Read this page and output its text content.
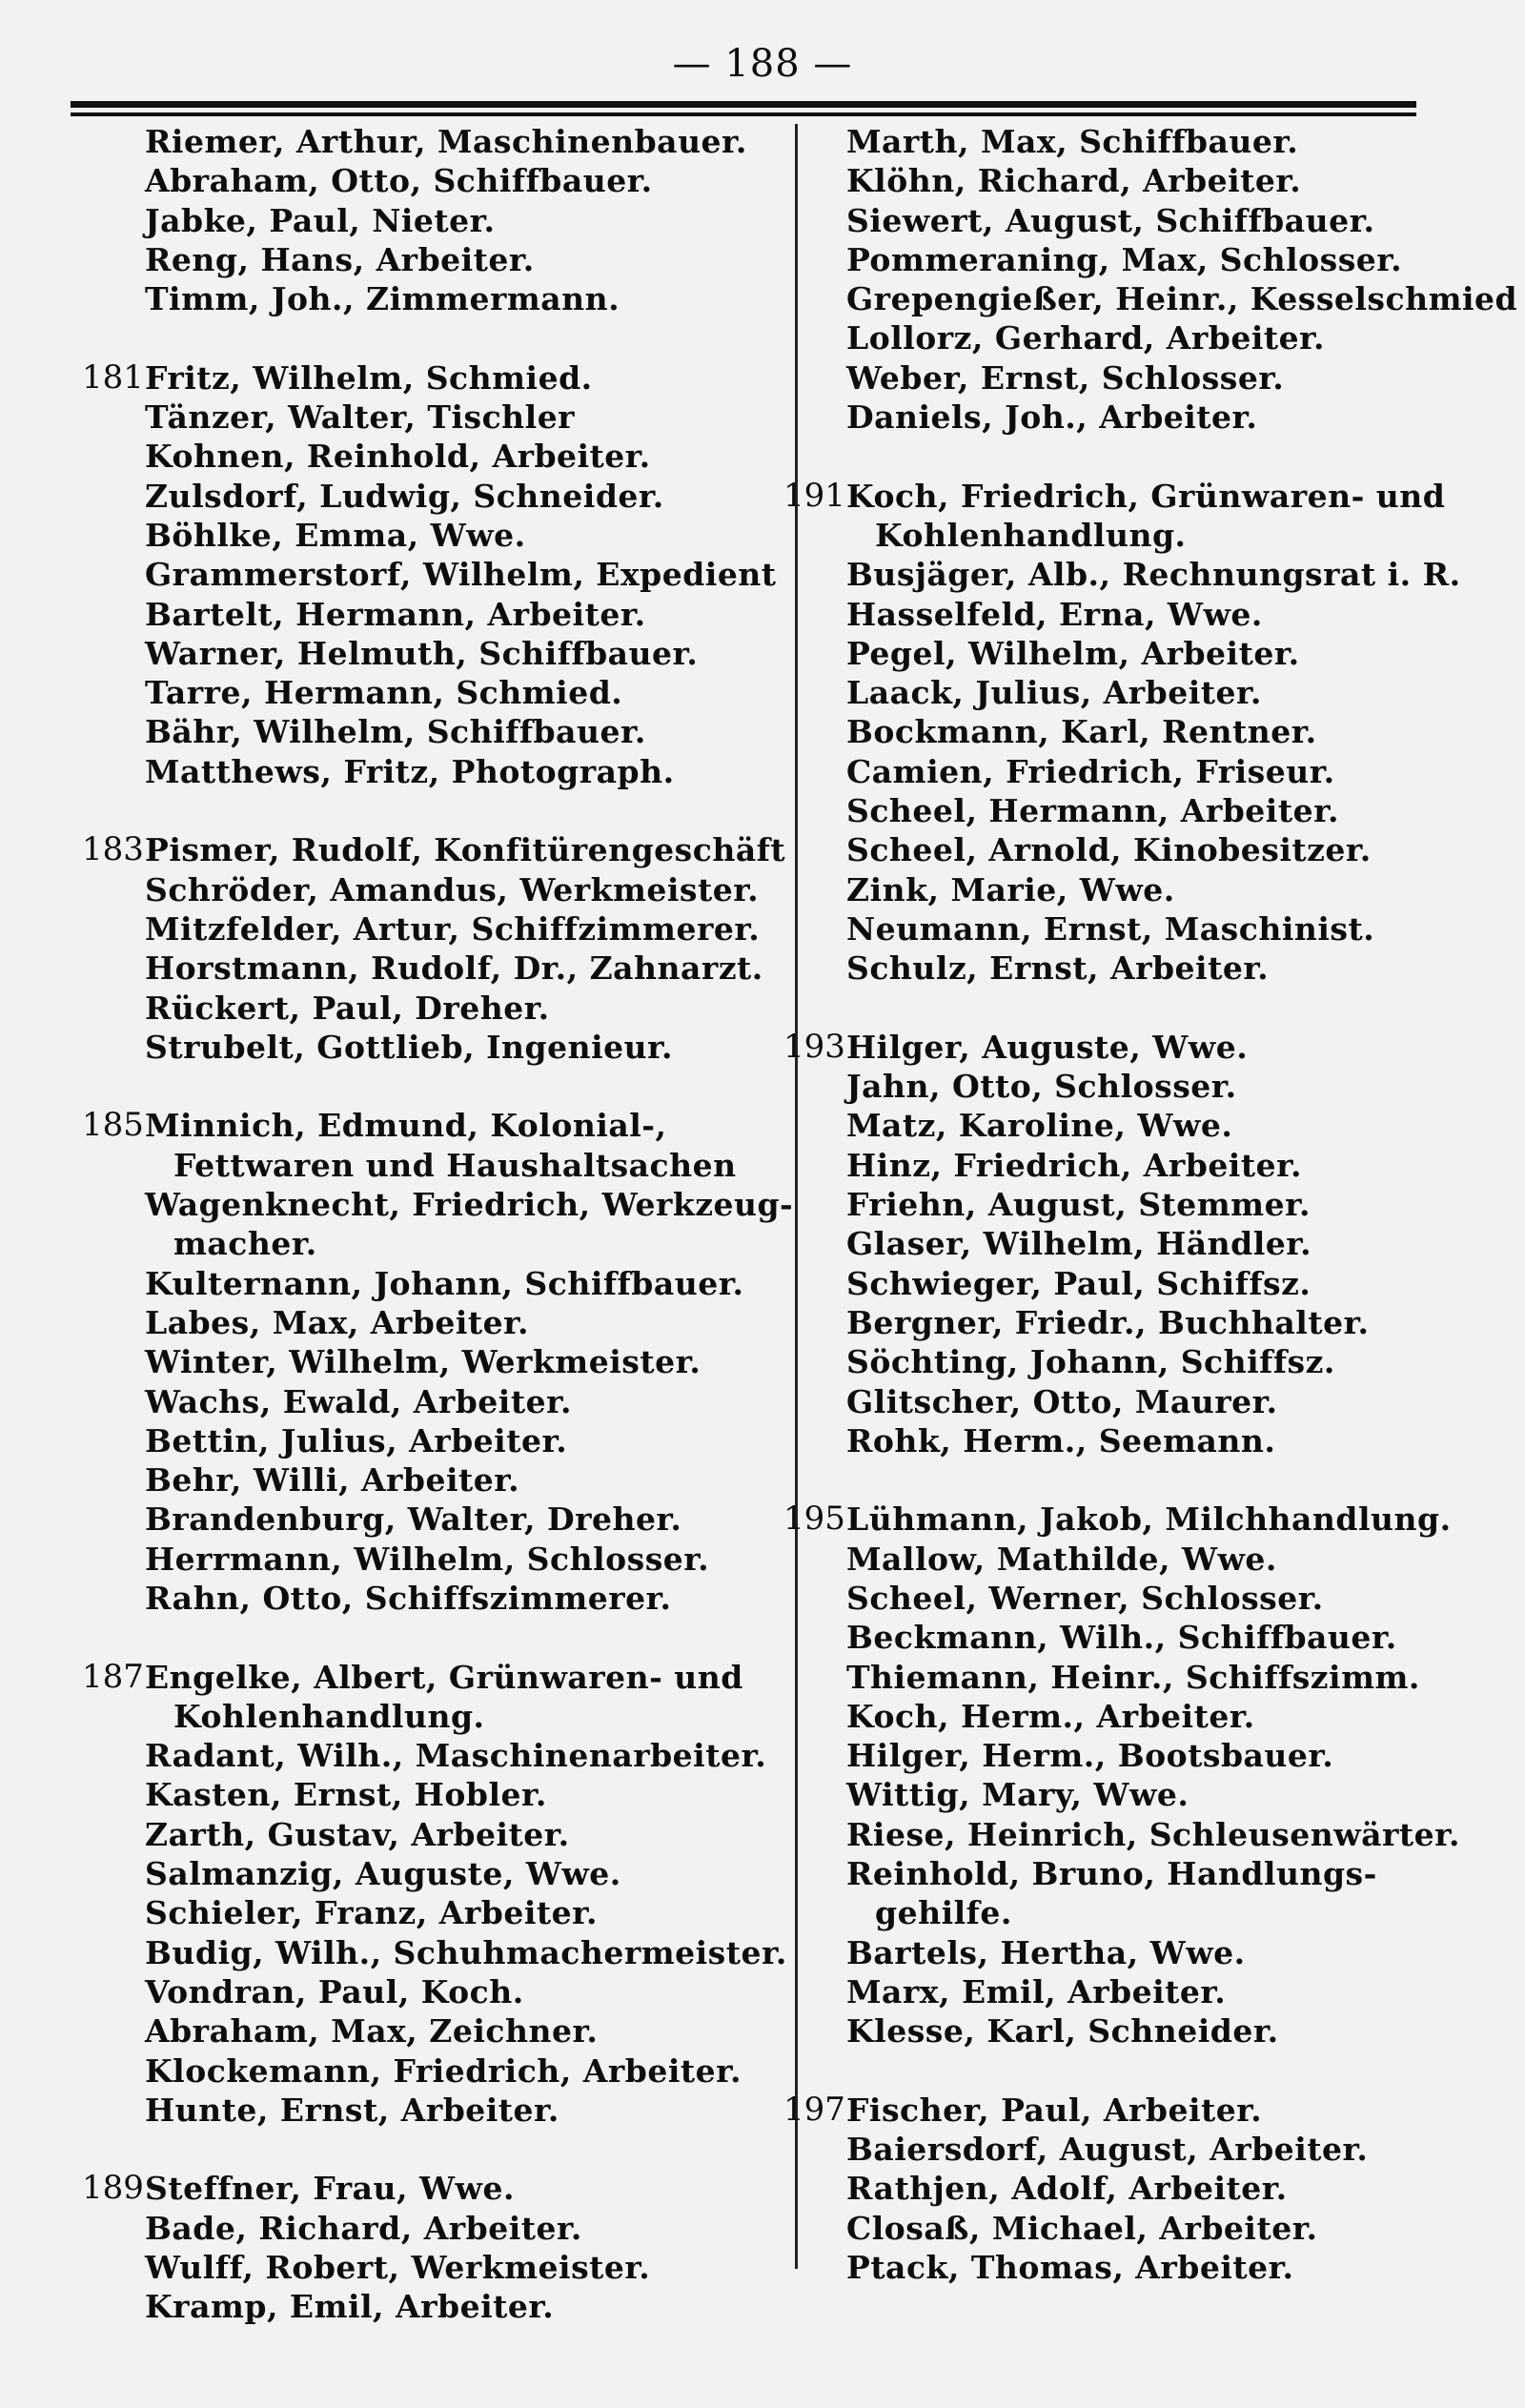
— 188 —
Riemer, Arthur, Maschinenbauer.
Abraham, Otto, Schiffbauer.
Jabke, Paul, Nieter.
Reng, Hans, Arbeiter.
Timm, Joh., Zimmermann.
181 Fritz, Wilhelm, Schmied.
Tänzer, Walter, Tischler
Kohnen, Reinhold, Arbeiter.
Zulsdorf, Ludwig, Schneider.
Böhlke, Emma, Wwe.
Grammerstorf, Wilhelm, Expedient
Bartelt, Hermann, Arbeiter.
Warner, Helmuth, Schiffbauer.
Tarre, Hermann, Schmied.
Bähr, Wilhelm, Schiffbauer.
Matthews, Fritz, Photograph.
183 Pismer, Rudolf, Konfitürengeschäft
Schröder, Amandus, Werkmeister.
Mitzfelder, Artur, Schiffzimmerer.
Horstmann, Rudolf, Dr., Zahnarzt.
Rückert, Paul, Dreher.
Strubelt, Gottlieb, Ingenieur.
185 Minnich, Edmund, Kolonial-,
Fettwaren und Haushaltsachen
Wagenknecht, Friedrich, Werkzeug-
macher.
Kulternann, Johann, Schiffbauer.
Labes, Max, Arbeiter.
Winter, Wilhelm, Werkmeister.
Wachs, Ewald, Arbeiter.
Bettin, Julius, Arbeiter.
Behr, Willi, Arbeiter.
Brandenburg, Walter, Dreher.
Herrmann, Wilhelm, Schlosser.
Rahn, Otto, Schiffszimmerer.
187 Engelke, Albert, Grünwaren- und
Kohlenhandlung.
Radant, Wilh., Maschinenarbeiter.
Kasten, Ernst, Hobler.
Zarth, Gustav, Arbeiter.
Salmanzig, Auguste, Wwe.
Schieler, Franz, Arbeiter.
Budig, Wilh., Schuhmachermeister.
Vondran, Paul, Koch.
Abraham, Max, Zeichner.
Klockemann, Friedrich, Arbeiter.
Hunte, Ernst, Arbeiter.
189 Steffner, Frau, Wwe.
Bade, Richard, Arbeiter.
Wulff, Robert, Werkmeister.
Kramp, Emil, Arbeiter.
Marth, Max, Schiffbauer.
Klöhn, Richard, Arbeiter.
Siewert, August, Schiffbauer.
Pommeraning, Max, Schlosser.
Grepengießer, Heinr., Kesselschmied
Lollorz, Gerhard, Arbeiter.
Weber, Ernst, Schlosser.
Daniels, Joh., Arbeiter.
191 Koch, Friedrich, Grünwaren- und
Kohlenhandlung.
Busjäger, Alb., Rechnungsrat i. R.
Hasselfeld, Erna, Wwe.
Pegel, Wilhelm, Arbeiter.
Laack, Julius, Arbeiter.
Bockmann, Karl, Rentner.
Camien, Friedrich, Friseur.
Scheel, Hermann, Arbeiter.
Scheel, Arnold, Kinobesitzer.
Zink, Marie, Wwe.
Neumann, Ernst, Maschinist.
Schulz, Ernst, Arbeiter.
193 Hilger, Auguste, Wwe.
Jahn, Otto, Schlosser.
Matz, Karoline, Wwe.
Hinz, Friedrich, Arbeiter.
Friehn, August, Stemmer.
Glaser, Wilhelm, Händler.
Schwieger, Paul, Schiffsz.
Bergner, Friedr., Buchhalter.
Söchting, Johann, Schiffsz.
Glitscher, Otto, Maurer.
Rohk, Herm., Seemann.
195 Lühmann, Jakob, Milchhandlung.
Mallow, Mathilde, Wwe.
Scheel, Werner, Schlosser.
Beckmann, Wilh., Schiffbauer.
Thiemann, Heinr., Schiffszimm.
Koch, Herm., Arbeiter.
Hilger, Herm., Bootsbauer.
Wittig, Mary, Wwe.
Riese, Heinrich, Schleusenwärter.
Reinhold, Bruno, Handlungs-
gehilfe.
Bartels, Hertha, Wwe.
Marx, Emil, Arbeiter.
Klesse, Karl, Schneider.
197 Fischer, Paul, Arbeiter.
Baiersdorf, August, Arbeiter.
Rathjen, Adolf, Arbeiter.
Closaß, Michael, Arbeiter.
Ptack, Thomas, Arbeiter.
